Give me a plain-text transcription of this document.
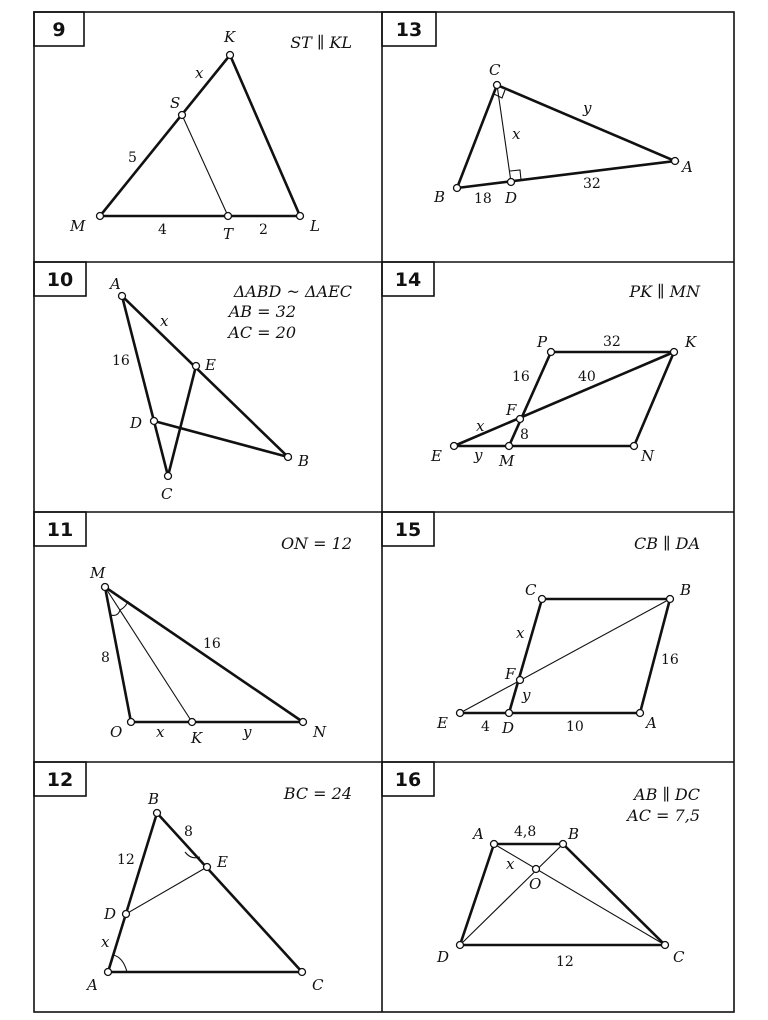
9
ST ∥ KL
K
S
M	T	L
x
5
4	2
13
C
A
B	D
y
x
18
32
10
ΔABD ~ ΔAEC
AB = 32
AC = 20
A
E
D
C
B
x
16
14
PK ∥ MN
P	K
F
E	M	N
32
16	40
x	8
y
11
ON = 12
M
O	K	N
8
16
x	y
15
CB ∥ DA
C	B
F
E	D	A
x
16
y
4	10
12
BC = 24
B
E
D
A	C
8
12
x
16
AB ∥ DC
AC = 7,5
A	B
O
D	C
4,8
x
12
